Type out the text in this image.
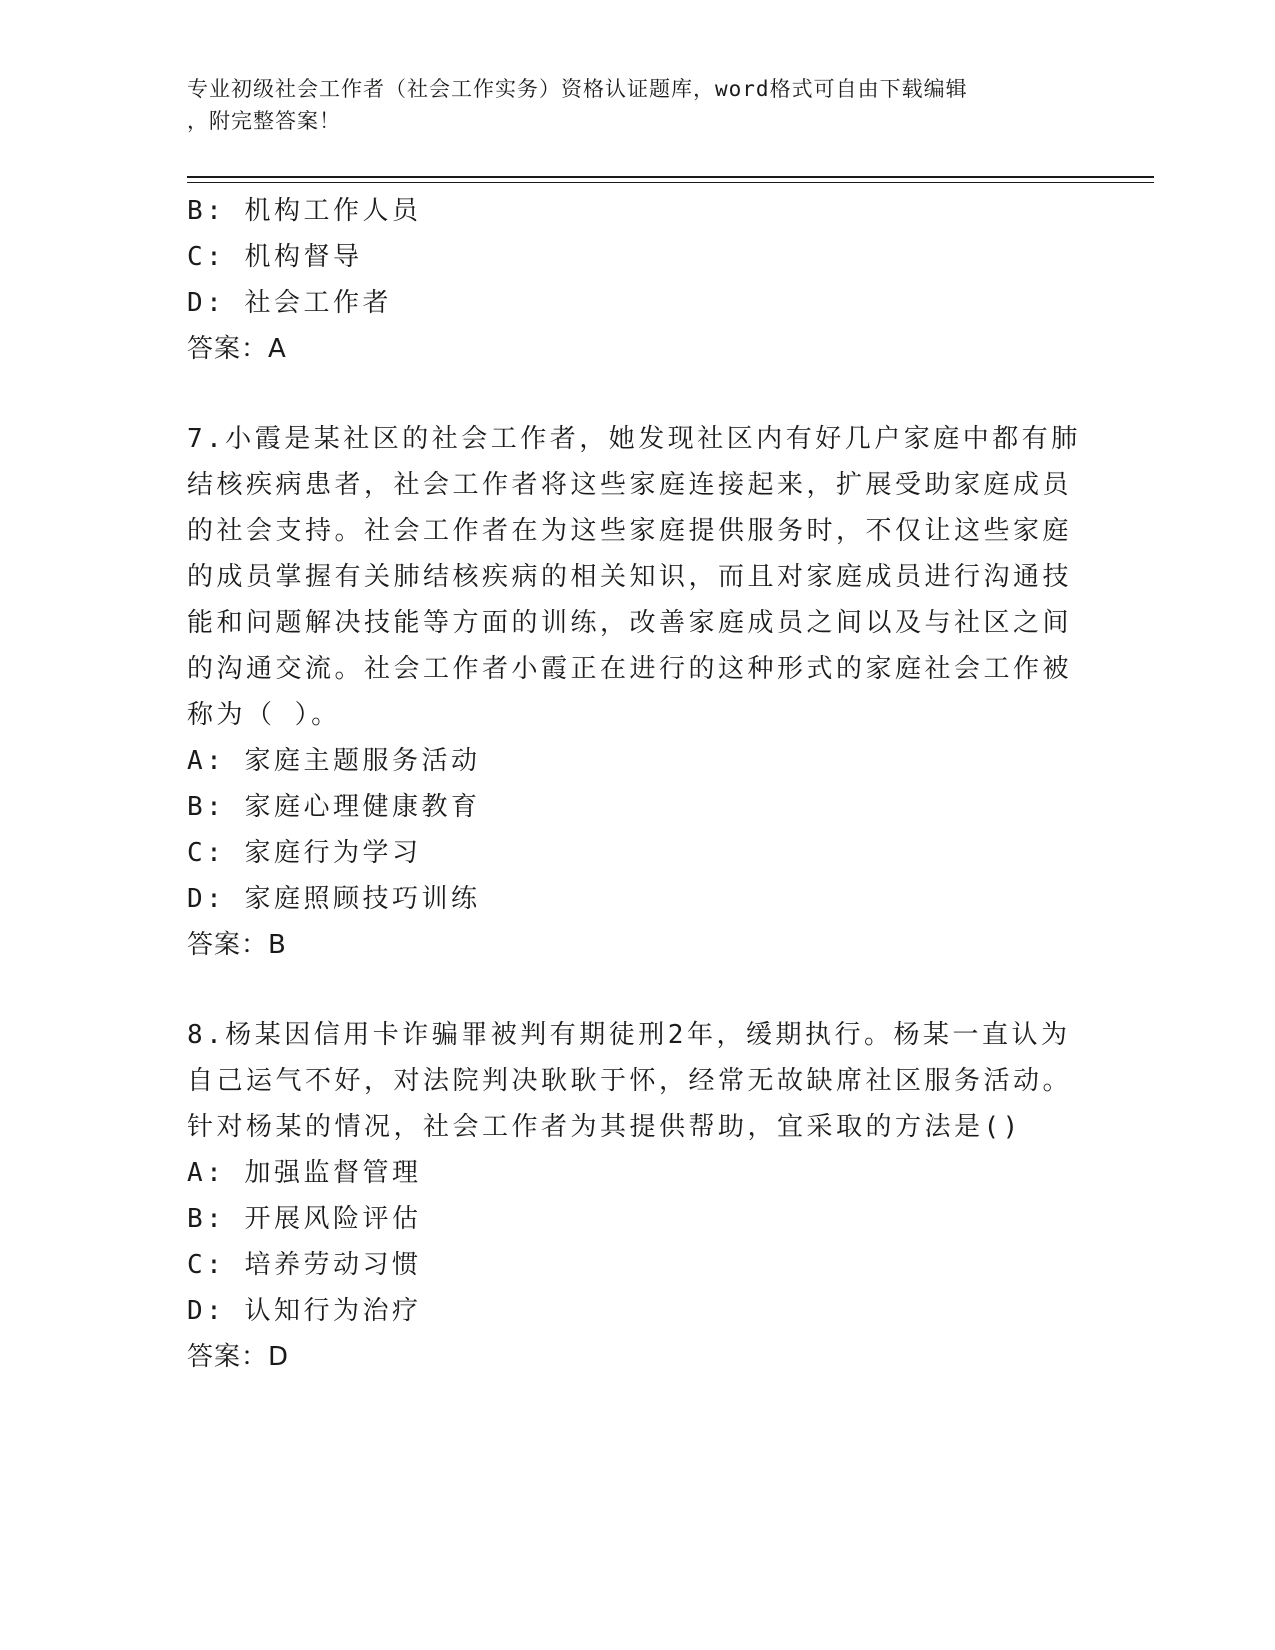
专业初级社会工作者（社会工作实务）资格认证题库，word格式可自由下载编辑
，附完整答案！

B: 机构工作人员

C: 机构督导

D: 社会工作者

答案：A

7.小霞是某社区的社会工作者，她发现社区内有好几户家庭中都有肺

结核疾病患者，社会工作者将这些家庭连接起来，扩展受助家庭成员

的社会支持。社会工作者在为这些家庭提供服务时，不仅让这些家庭

的成员掌握有关肺结核疾病的相关知识，而且对家庭成员进行沟通技

能和问题解决技能等方面的训练，改善家庭成员之间以及与社区之间

的沟通交流。社会工作者小霞正在进行的这种形式的家庭社会工作被

称为（ ）。

A: 家庭主题服务活动

B: 家庭心理健康教育

C: 家庭行为学习

D: 家庭照顾技巧训练

答案：B

8.杨某因信用卡诈骗罪被判有期徒刑2年，缓期执行。杨某一直认为

自己运气不好，对法院判决耿耿于怀，经常无故缺席社区服务活动。

针对杨某的情况，社会工作者为其提供帮助，宜采取的方法是()

A: 加强监督管理

B: 开展风险评估

C: 培养劳动习惯

D: 认知行为治疗

答案：D
